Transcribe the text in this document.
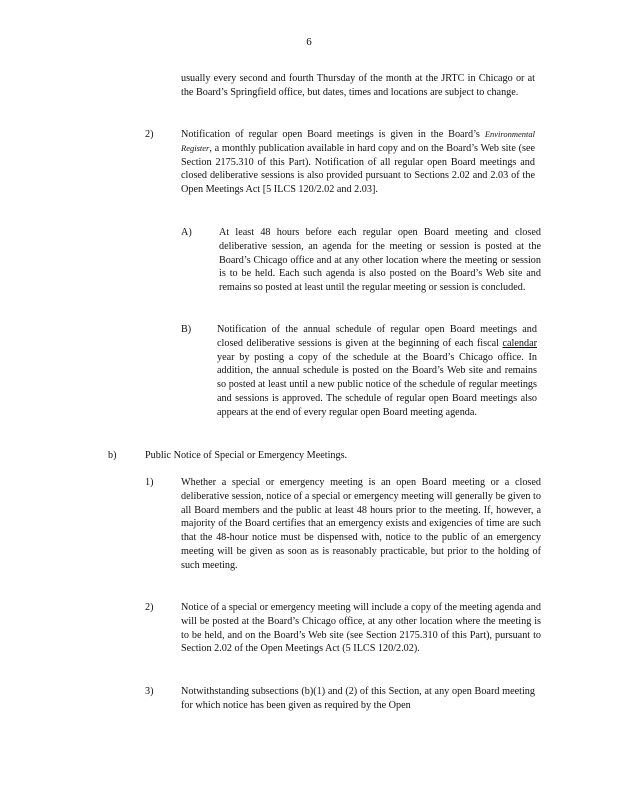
6
usually every second and fourth Thursday of the month at the JRTC in Chicago or at the Board’s Springfield office, but dates, times and locations are subject to change.
2)	Notification of regular open Board meetings is given in the Board’s Environmental Register, a monthly publication available in hard copy and on the Board’s Web site (see Section 2175.310 of this Part). Notification of all regular open Board meetings and closed deliberative sessions is also provided pursuant to Sections 2.02 and 2.03 of the Open Meetings Act [5 ILCS 120/2.02 and 2.03].
A)	At least 48 hours before each regular open Board meeting and closed deliberative session, an agenda for the meeting or session is posted at the Board’s Chicago office and at any other location where the meeting or session is to be held. Each such agenda is also posted on the Board’s Web site and remains so posted at least until the regular meeting or session is concluded.
B)	Notification of the annual schedule of regular open Board meetings and closed deliberative sessions is given at the beginning of each fiscal calendar year by posting a copy of the schedule at the Board’s Chicago office. In addition, the annual schedule is posted on the Board’s Web site and remains so posted at least until a new public notice of the schedule of regular meetings and sessions is approved. The schedule of regular open Board meetings also appears at the end of every regular open Board meeting agenda.
b)	Public Notice of Special or Emergency Meetings.
1)	Whether a special or emergency meeting is an open Board meeting or a closed deliberative session, notice of a special or emergency meeting will generally be given to all Board members and the public at least 48 hours prior to the meeting. If, however, a majority of the Board certifies that an emergency exists and exigencies of time are such that the 48-hour notice must be dispensed with, notice to the public of an emergency meeting will be given as soon as is reasonably practicable, but prior to the holding of such meeting.
2)	Notice of a special or emergency meeting will include a copy of the meeting agenda and will be posted at the Board’s Chicago office, at any other location where the meeting is to be held, and on the Board’s Web site (see Section 2175.310 of this Part), pursuant to Section 2.02 of the Open Meetings Act (5 ILCS 120/2.02).
3)	Notwithstanding subsections (b)(1) and (2) of this Section, at any open Board meeting for which notice has been given as required by the Open
